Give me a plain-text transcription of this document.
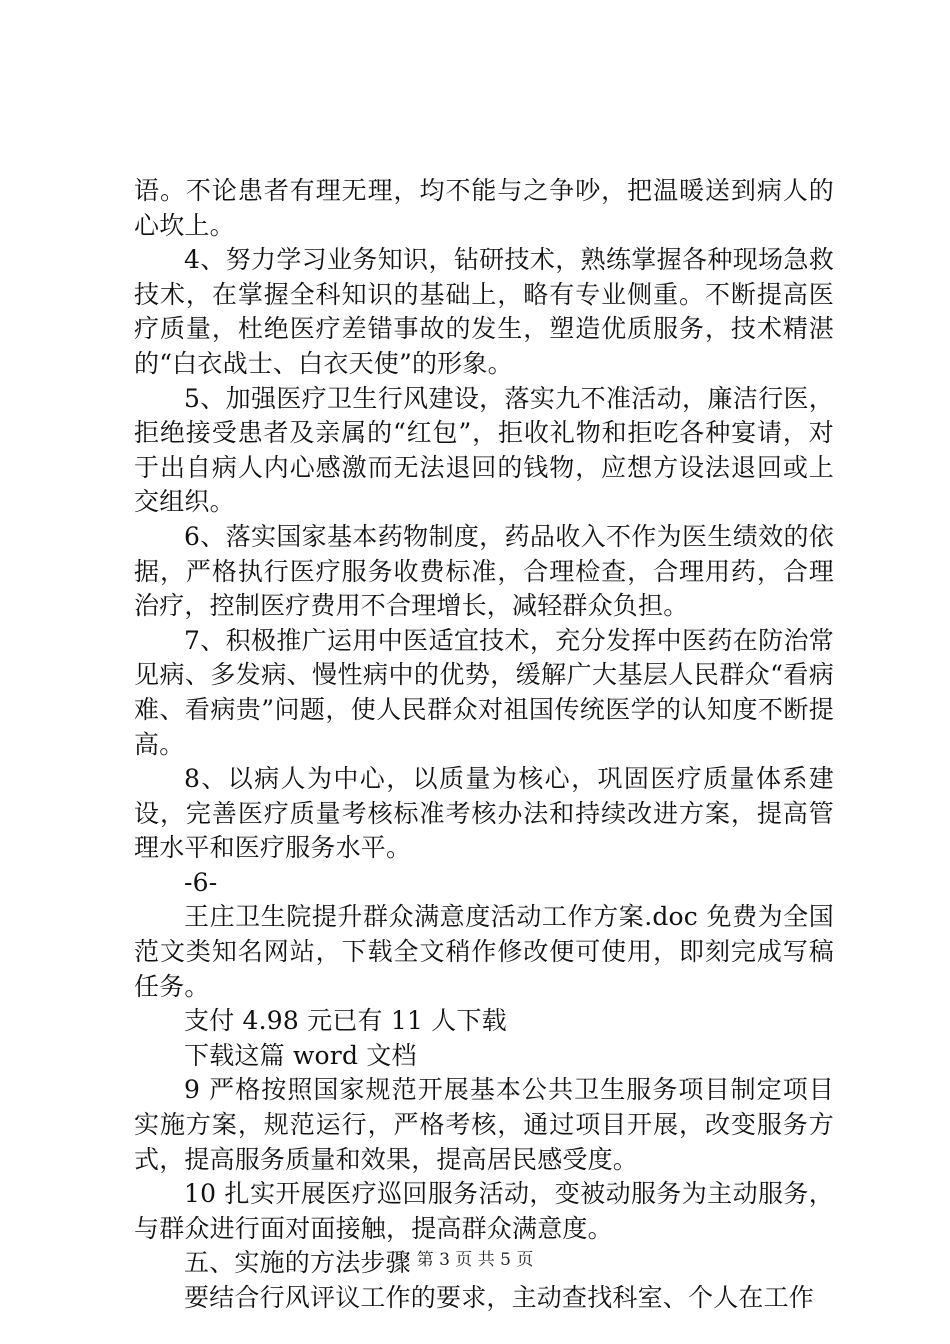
语。不论患者有理无理，均不能与之争吵，把温暖送到病人的心坎上。

4、努力学习业务知识，钻研技术，熟练掌握各种现场急救技术，在掌握全科知识的基础上，略有专业侧重。不断提高医疗质量，杜绝医疗差错事故的发生，塑造优质服务，技术精湛的“白衣战士、白衣天使”的形象。

5、加强医疗卫生行风建设，落实九不准活动，廉洁行医，拒绝接受患者及亲属的“红包”，拒收礼物和拒吃各种宴请，对于出自病人内心感激而无法退回的钱物，应想方设法退回或上交组织。

6、落实国家基本药物制度，药品收入不作为医生绩效的依据，严格执行医疗服务收费标准，合理检查，合理用药，合理治疗，控制医疗费用不合理增长，减轻群众负担。

7、积极推广运用中医适宜技术，充分发挥中医药在防治常见病、多发病、慢性病中的优势，缓解广大基层人民群众“看病难、看病贵”问题，使人民群众对祖国传统医学的认知度不断提高。

8、以病人为中心，以质量为核心，巩固医疗质量体系建设，完善医疗质量考核标准考核办法和持续改进方案，提高管理水平和医疗服务水平。

-6-

王庄卫生院提升群众满意度活动工作方案.doc 免费为全国范文类知名网站，下载全文稍作修改便可使用，即刻完成写稿任务。

支付 4.98 元已有 11 人下载

下载这篇 word 文档

9 严格按照国家规范开展基本公共卫生服务项目制定项目实施方案，规范运行，严格考核，通过项目开展，改变服务方式，提高服务质量和效果，提高居民感受度。

10 扎实开展医疗巡回服务活动，变被动服务为主动服务，与群众进行面对面接触，提高群众满意度。

五、实施的方法步骤

要结合行风评议工作的要求，主动查找科室、个人在工作

第 3 页 共 5 页
